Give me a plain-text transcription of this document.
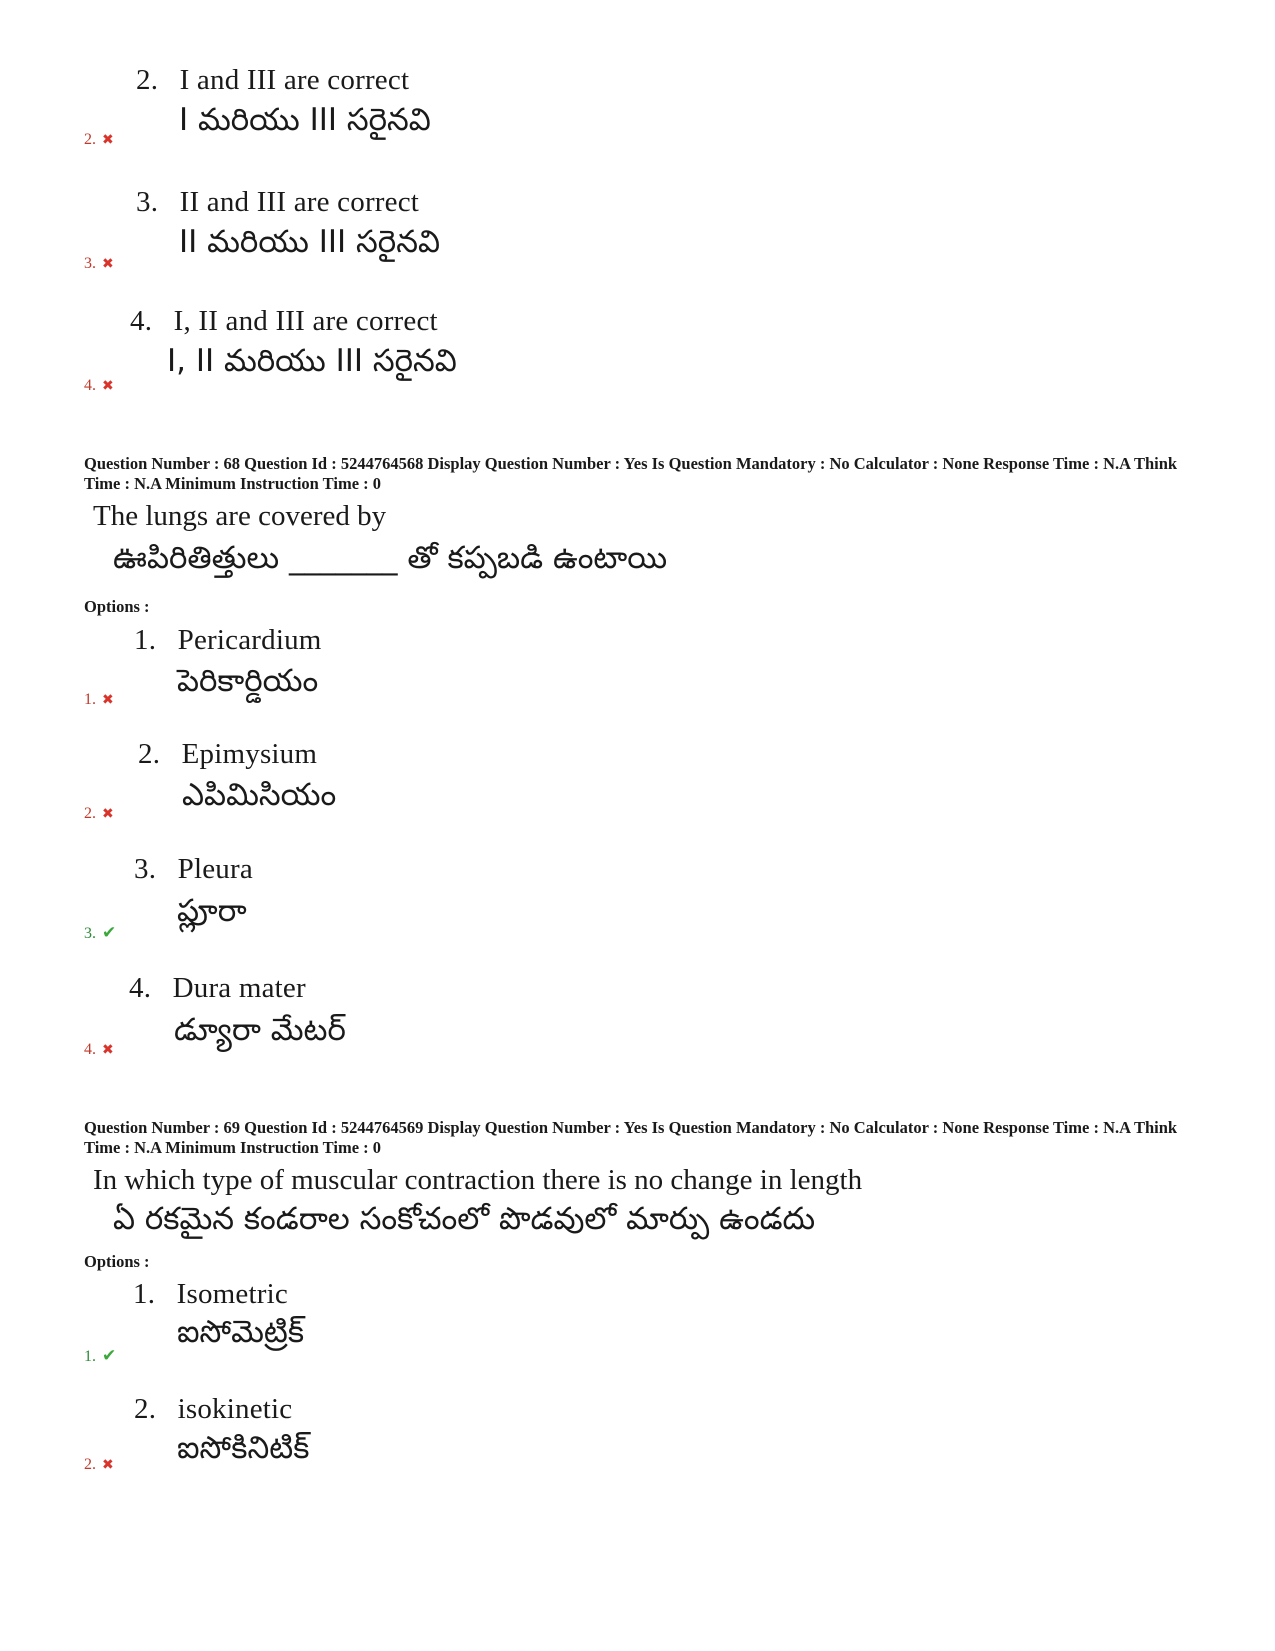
2. I and III are correct
I మరియు III సరైనవి
2. ✖
3. II and III are correct
II మరియు III సరైనవి
3. ✖
4. I, II and III are correct
I, II మరియు III సరైనవి
4. ✖
Question Number : 68 Question Id : 5244764568 Display Question Number : Yes Is Question Mandatory : No Calculator : None Response Time : N.A Think Time : N.A Minimum Instruction Time : 0
The lungs are covered by
ఊపిరితిత్తులు _______ తో కప్పబడి ఉంటాయి
Options :
1. Pericardium
పెరికార్డియం
1. ✖
2. Epimysium
ఎపిమిసియం
2. ✖
3. Pleura
ప్లూరా
3. ✔
4. Dura mater
డ్యూరా మేటర్
4. ✖
Question Number : 69 Question Id : 5244764569 Display Question Number : Yes Is Question Mandatory : No Calculator : None Response Time : N.A Think Time : N.A Minimum Instruction Time : 0
In which type of muscular contraction there is no change in length
ఏ రకమైన కండరాల సంకోచంలో పొడవులో మార్పు ఉండదు
Options :
1. Isometric
ఐసోమెట్రిక్
1. ✔
2. isokinetic
ఐసోకినిటిక్
2. ✖
